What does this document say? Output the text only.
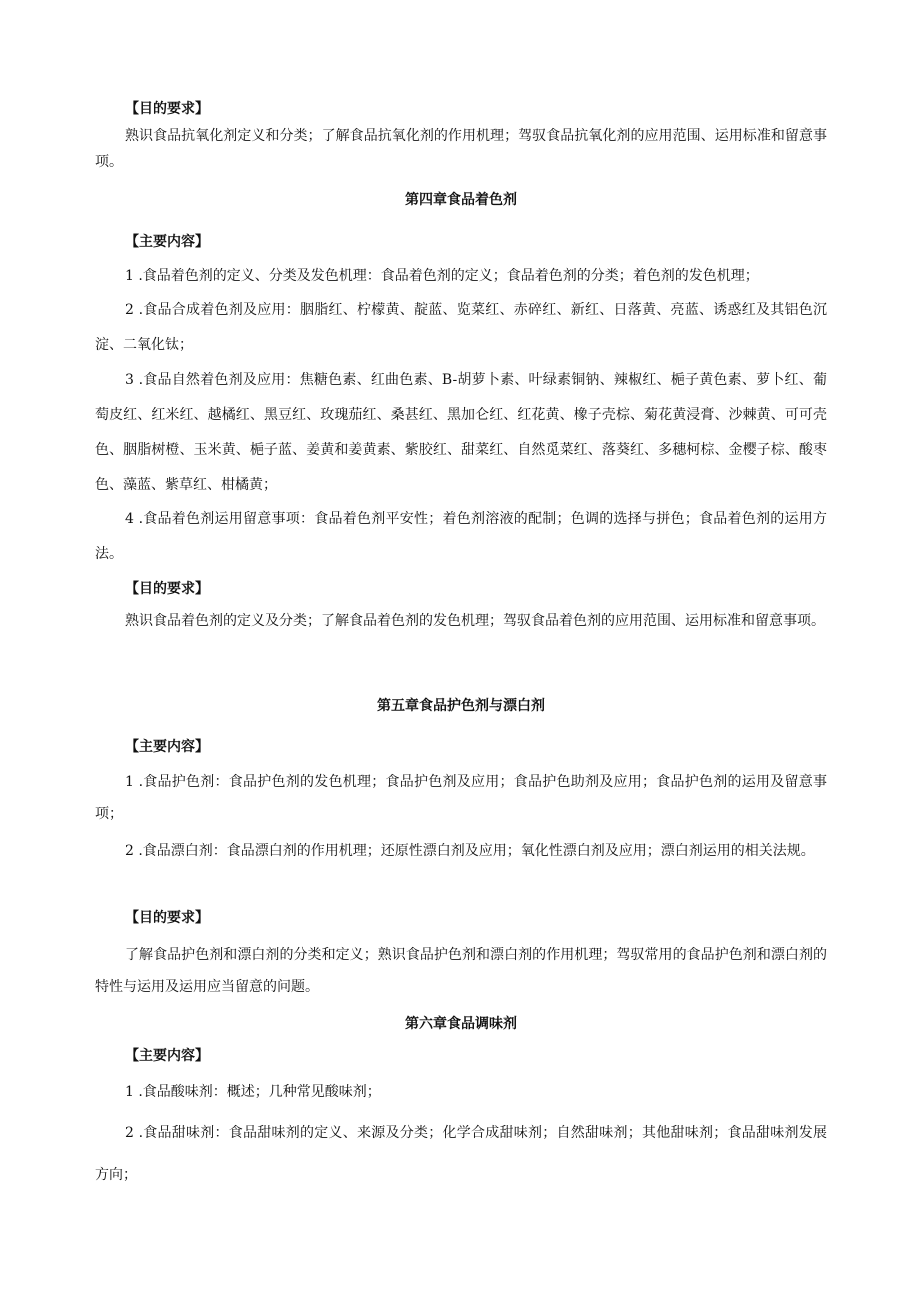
【目的要求】

熟识食品抗氧化剂定义和分类；了解食品抗氧化剂的作用机理；驾驭食品抗氧化剂的应用范围、运用标准和留意事项。

第四章食品着色剂
【主要内容】

1 .食品着色剂的定义、分类及发色机理：食品着色剂的定义；食品着色剂的分类；着色剂的发色机理；

2 .食品合成着色剂及应用：胭脂红、柠檬黄、靛蓝、览菜红、赤碎红、新红、日落黄、亮蓝、诱惑红及其铝色沉淀、二氧化钛；

3 .食品自然着色剂及应用：焦糖色素、红曲色素、B-胡萝卜素、叶绿素铜钠、辣椒红、梔子黄色素、萝卜红、葡萄皮红、红米红、越橘红、黑豆红、玫瑰茄红、桑甚红、黑加仑红、红花黄、橡子壳棕、菊花黄浸膏、沙棘黄、可可壳色、胭脂树橙、玉米黄、梔子蓝、姜黄和姜黄素、紫胶红、甜菜红、自然觅菜红、落葵红、多穗柯棕、金樱子棕、酸枣色、藻蓝、紫草红、柑橘黄；

4 .食品着色剂运用留意事项：食品着色剂平安性；着色剂溶液的配制；色调的选择与拼色；食品着色剂的运用方法。

【目的要求】

熟识食品着色剂的定义及分类；了解食品着色剂的发色机理；驾驭食品着色剂的应用范围、运用标准和留意事项。

第五章食品护色剂与漂白剂
【主要内容】

1 .食品护色剂：食品护色剂的发色机理；食品护色剂及应用；食品护色助剂及应用；食品护色剂的运用及留意事项；

2 .食品漂白剂：食品漂白剂的作用机理；还原性漂白剂及应用；氧化性漂白剂及应用；漂白剂运用的相关法规。

【目的要求】

了解食品护色剂和漂白剂的分类和定义；熟识食品护色剂和漂白剂的作用机理；驾驭常用的食品护色剂和漂白剂的特性与运用及运用应当留意的问题。

第六章食品调味剂
【主要内容】

1 .食品酸味剂：概述；几种常见酸味剂；

2 .食品甜味剂：食品甜味剂的定义、来源及分类；化学合成甜味剂；自然甜味剂；其他甜味剂；食品甜味剂发展方向；
